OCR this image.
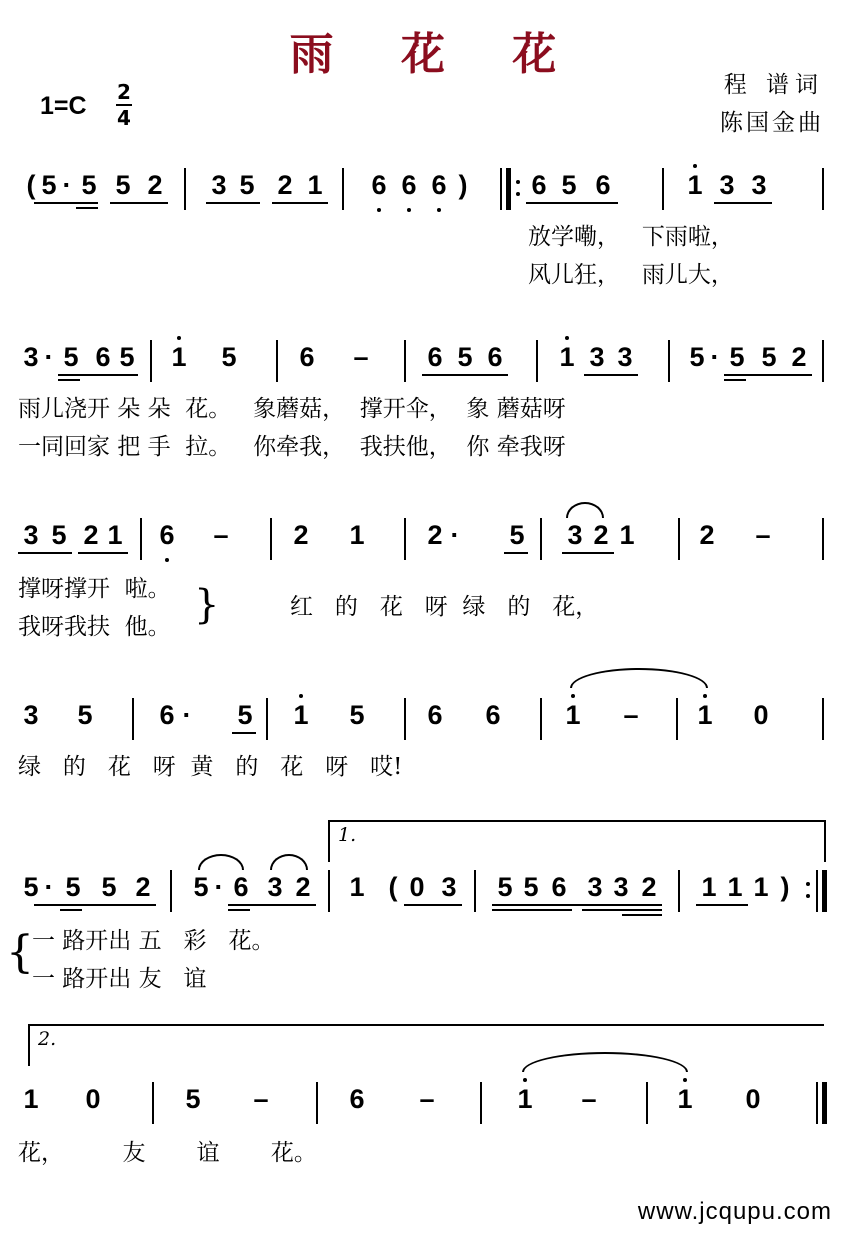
雨 花 花
程 谱词
陈国金曲
1=C 2
4
( 5 · 5 5 2 3 5 2 1 6 6 6 ) 6 5 6	1 3 3
放学嘞，   下雨啦，
风儿狂，   雨儿大，
3 · 5 6 5 1 5 6 – 6 5 6 1 3 3 5 · 5 5 2
雨儿浇开 朵 朵  花。   象蘑菇，  撑开伞，  象 蘑菇呀
一同回家 把 手  拉。   你牵我，  我扶他，  你 牵我呀
3 5 2 1 6 – 2 1 2 · 5 3 2 1 2 –
撑呀撑开  啦。
我呀我扶  他。 }	红   的   花   呀  绿   的   花，
3 5 6 · 5 1 5 6 6 1 – 1 0
绿   的   花   呀  黄   的   花   呀   哎!
1.
5 · 5 5 2 5 · 6 3 2 1 ( 0 3 5 5 6 3 3 2 1 1 1 )
{
一 路开出 五   彩   花。
一 路开出 友   谊
2.
1 0	5 –	6 –	1 –	1 0
花，        友       谊       花。
www.jcqupu.com
